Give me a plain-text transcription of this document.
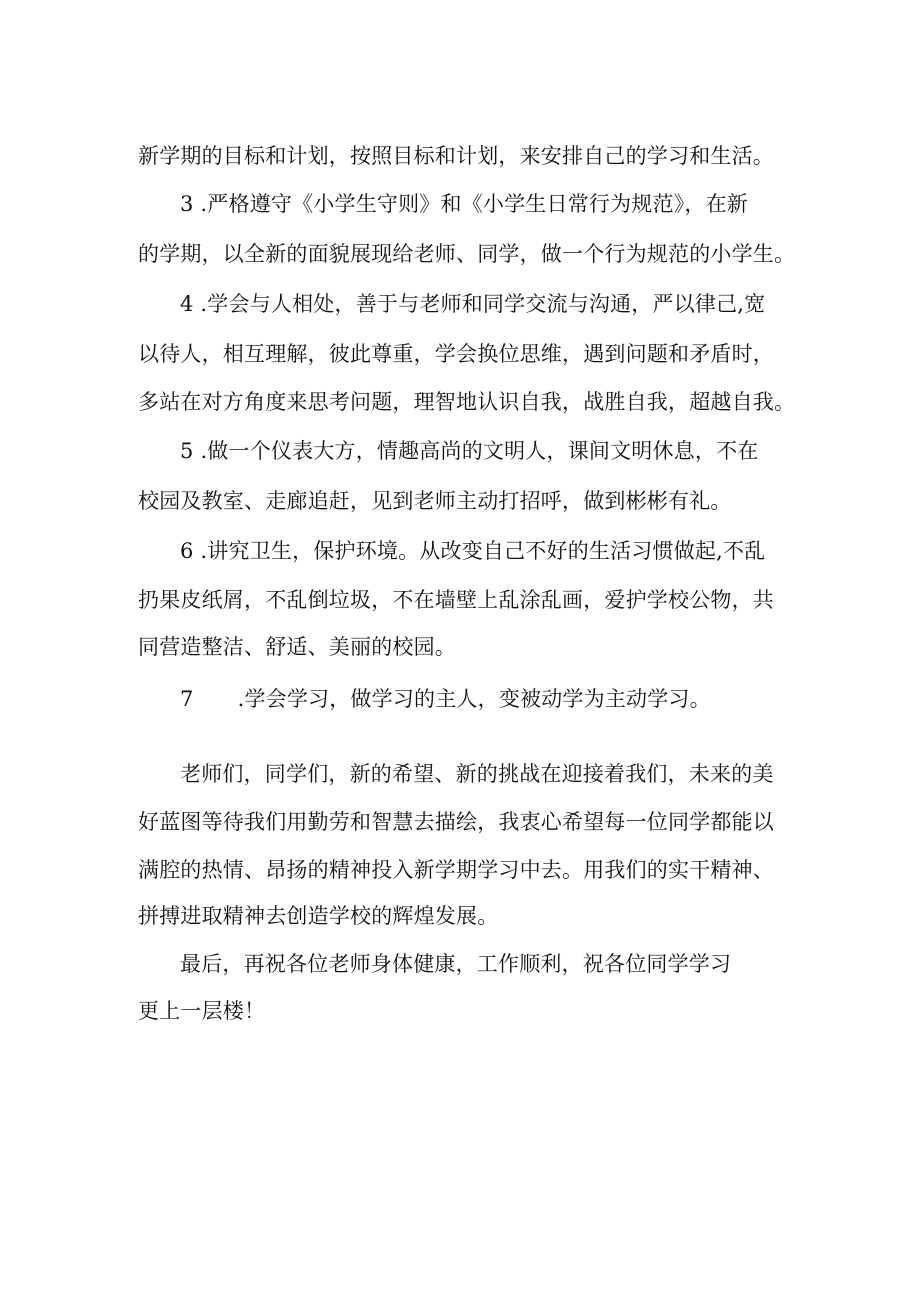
新学期的目标和计划，按照目标和计划，来安排自己的学习和生活。
3 .严格遵守《小学生守则》和《小学生日常行为规范》，在新
的学期，以全新的面貌展现给老师、同学，做一个行为规范的小学生。
4 .学会与人相处，善于与老师和同学交流与沟通，严以律己,宽
以待人，相互理解，彼此尊重，学会换位思维，遇到问题和矛盾时，
多站在对方角度来思考问题，理智地认识自我，战胜自我，超越自我。
5 .做一个仪表大方，情趣高尚的文明人，课间文明休息，不在
校园及教室、走廊追赶，见到老师主动打招呼，做到彬彬有礼。
6 .讲究卫生，保护环境。从改变自己不好的生活习惯做起,不乱
扔果皮纸屑，不乱倒垃圾，不在墙壁上乱涂乱画，爱护学校公物，共
同营造整洁、舒适、美丽的校园。
7 .学会学习，做学习的主人，变被动学为主动学习。
老师们，同学们，新的希望、新的挑战在迎接着我们，未来的美
好蓝图等待我们用勤劳和智慧去描绘，我衷心希望每一位同学都能以
满腔的热情、昂扬的精神投入新学期学习中去。用我们的实干精神、
拼搏进取精神去创造学校的辉煌发展。
最后，再祝各位老师身体健康，工作顺利，祝各位同学学习
更上一层楼！
